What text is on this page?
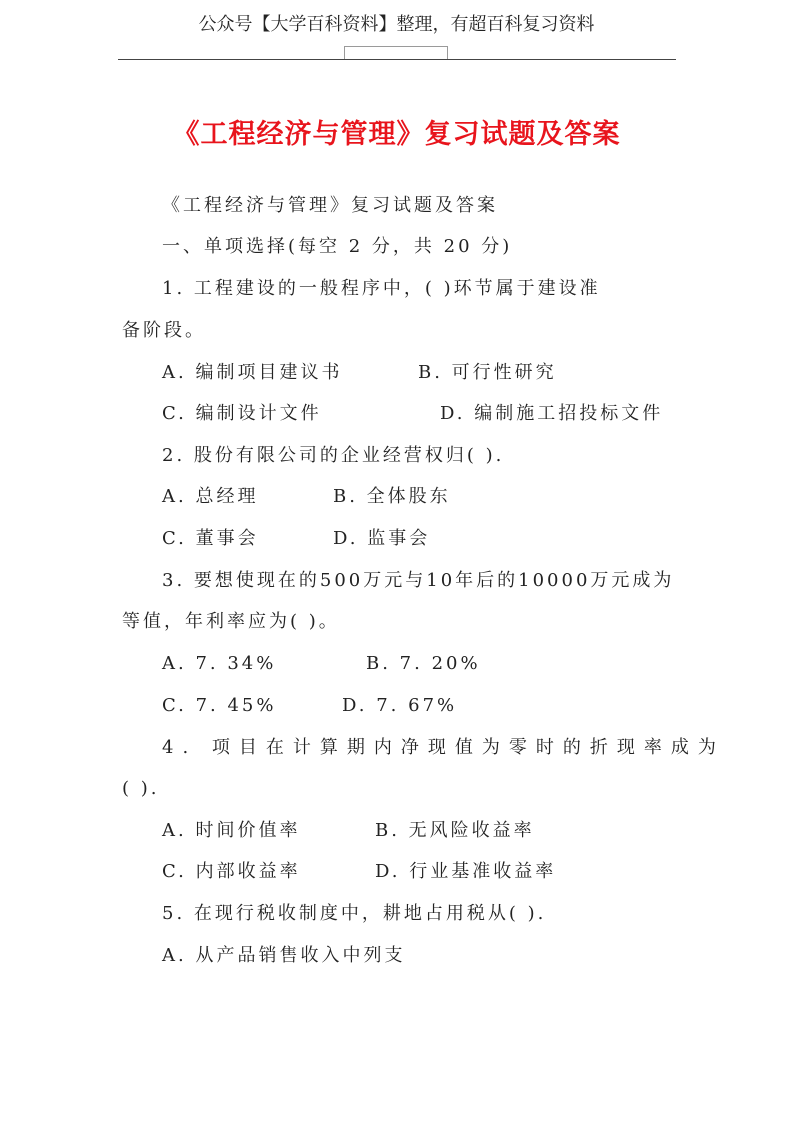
公众号【大学百科资料】整理，有超百科复习资料
《工程经济与管理》复习试题及答案
《工程经济与管理》复习试题及答案
一、单项选择(每空 2 分，共 20 分)
1. 工程建设的一般程序中，( )环节属于建设准
备阶段。
A. 编制项目建议书	B. 可行性研究
C. 编制设计文件	D. 编制施工招投标文件
2. 股份有限公司的企业经营权归( ).
A. 总经理	B. 全体股东
C. 董事会	D. 监事会
3. 要想使现在的500万元与10年后的10000万元成为
等值，年利率应为( )。
A. 7. 34%	B. 7. 20%
C. 7. 45%	D. 7. 67%
4. 项目在计算期内净现值为零时的折现率成为
( ).
A. 时间价值率	B. 无风险收益率
C. 内部收益率	D. 行业基准收益率
5. 在现行税收制度中，耕地占用税从( ).
A. 从产品销售收入中列支
